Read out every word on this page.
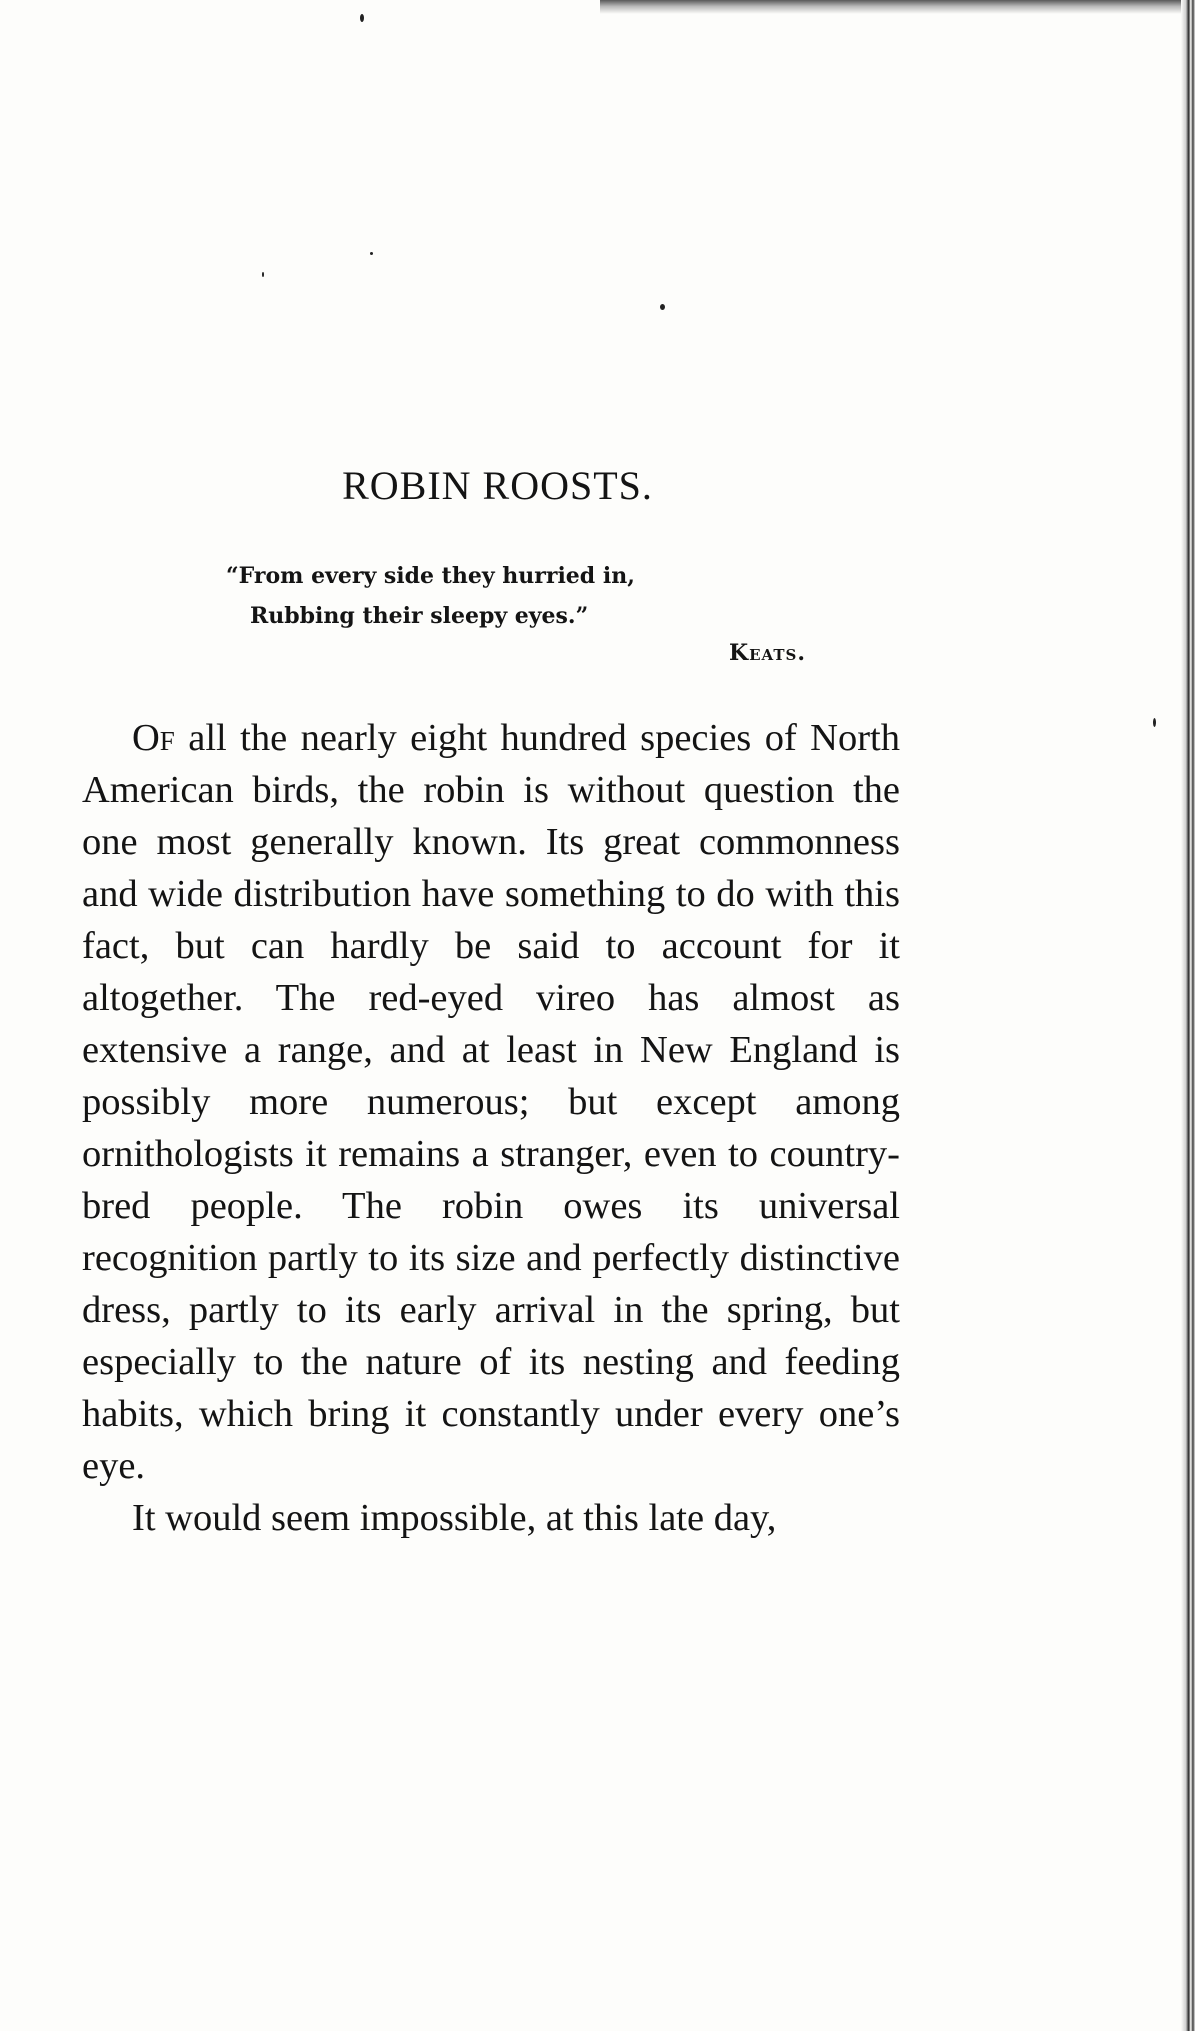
ROBIN ROOSTS.
“From every side they hurried in,
Rubbing their sleepy eyes.”
Keats.

Of all the nearly eight hundred species of North American birds, the robin is without question the one most generally known. Its great commonness and wide distribution have something to do with this fact, but can hardly be said to account for it altogether. The red-eyed vireo has almost as extensive a range, and at least in New England is possibly more numerous; but except among ornithologists it remains a stranger, even to country-bred people. The robin owes its universal recognition partly to its size and perfectly distinctive dress, partly to its early arrival in the spring, but especially to the nature of its nesting and feeding habits, which bring it constantly under every one’s eye.

It would seem impossible, at this late day,
